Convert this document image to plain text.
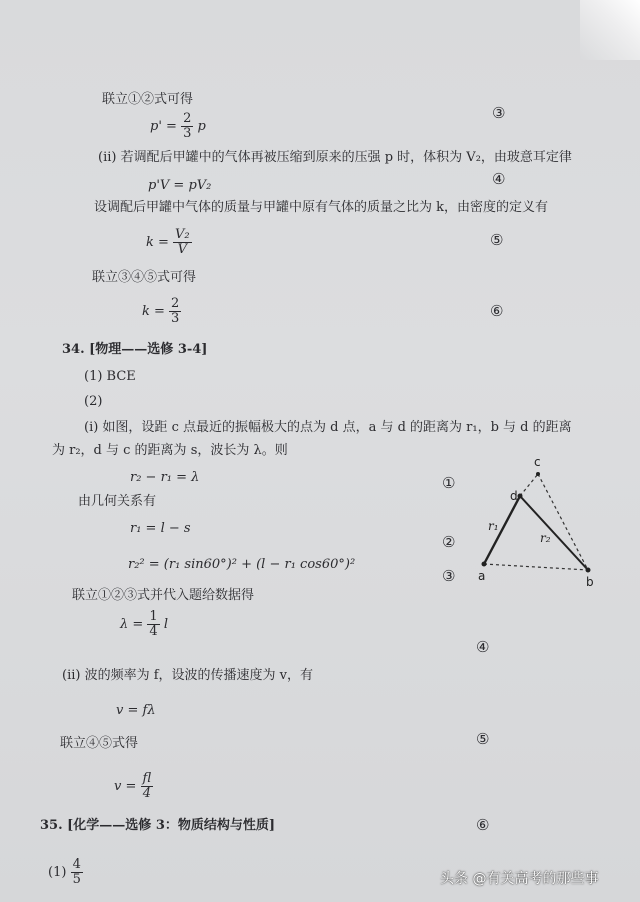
联立①②式可得
$p' = \frac{2}{3}$ p
③
(ii) 若调配后甲罐中的气体再被压缩到原来的压强 p 时，体积为 V₂，由玻意耳定律
p'V = pV₂	④
设调配后甲罐中气体的质量与甲罐中原有气体的质量之比为 k，由密度的定义有
$k = \frac{\text{V₂}}{V}$	⑤
联立③④⑤式可得
$k = \frac{2}{3}$	⑥
34. [物理——选修 3-4]
(1) BCE
(2)
(i) 如图，设距 c 点最近的振幅极大的点为 d 点，a 与 d 的距离为 r₁，b 与 d 的距离
为 r₂，d 与 c 的距离为 s，波长为 λ。则
r₂ − r₁ = λ	①
由几何关系有
r₁ = l − s
②
r₂² = (r₁ sin60°)² + (l − r₁ cos60°)²
③
联立①②③式并代入题给数据得
$\lambda = \frac{1}{4}$ l
④
(ii) 波的频率为 f，设波的传播速度为 v，有
v = fλ
⑤
联立④⑤式得
$v = \frac{fl}{4}$
⑥
35. [化学——选修 3：物质结构与性质]
$(1) \frac{4}{5}$
a	b
c
d
r₁
r₂
头条 @有关高考的那些事
